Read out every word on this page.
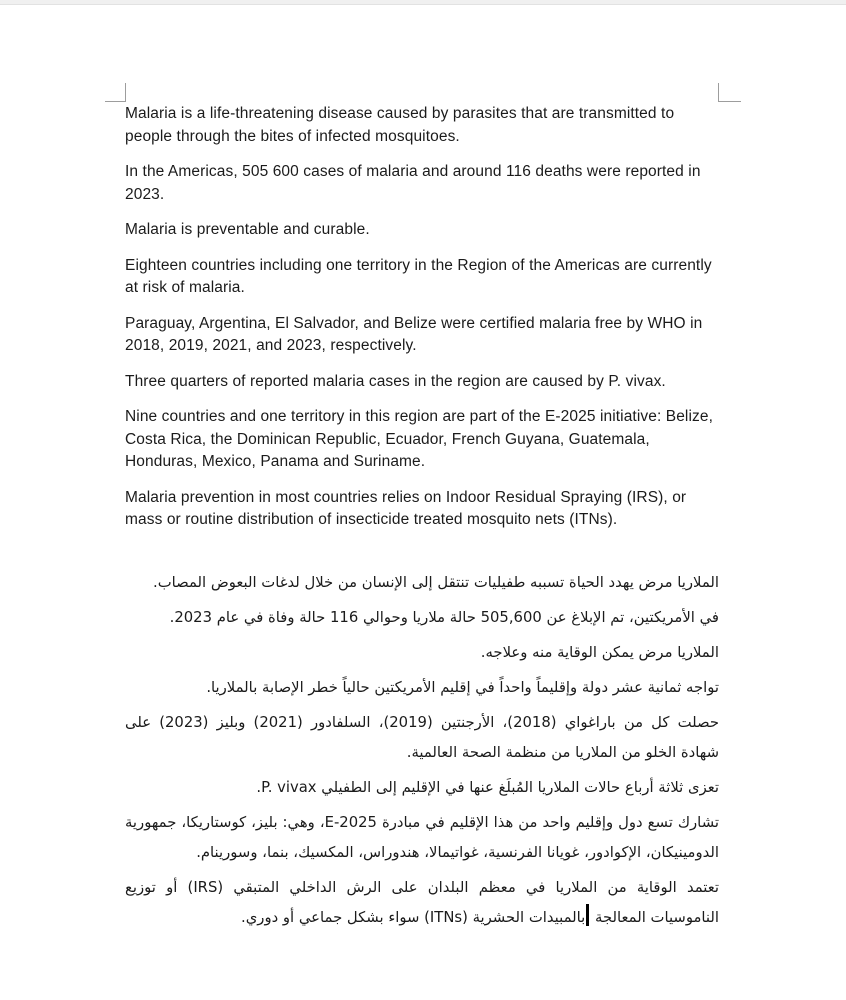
Malaria is a life-threatening disease caused by parasites that are transmitted to people through the bites of infected mosquitoes.

In the Americas, 505 600 cases of malaria and around 116 deaths were reported in 2023.

Malaria is preventable and curable.

Eighteen countries including one territory in the Region of the Americas are currently at risk of malaria.

Paraguay, Argentina, El Salvador, and Belize were certified malaria free by WHO in 2018, 2019, 2021, and 2023, respectively.

Three quarters of reported malaria cases in the region are caused by P. vivax.

Nine countries and one territory in this region are part of the E-2025 initiative: Belize, Costa Rica, the Dominican Republic, Ecuador, French Guyana, Guatemala, Honduras, Mexico, Panama and Suriname.

Malaria prevention in most countries relies on Indoor Residual Spraying (IRS), or mass or routine distribution of insecticide treated mosquito nets (ITNs).

الملاريا مرض يهدد الحياة تسببه طفيليات تنتقل إلى الإنسان من خلال لدغات البعوض المصاب.

في الأمريكتين، تم الإبلاغ عن 505,600 حالة ملاريا وحوالي 116 حالة وفاة في عام 2023.

الملاريا مرض يمكن الوقاية منه وعلاجه.

تواجه ثمانية عشر دولة وإقليماً واحداً في إقليم الأمريكتين حالياً خطر الإصابة بالملاريا.

حصلت كل من باراغواي (2018)، الأرجنتين (2019)، السلفادور (2021) وبليز (2023) على شهادة الخلو من الملاريا من منظمة الصحة العالمية.

تعزى ثلاثة أرباع حالات الملاريا المُبلَغ عنها في الإقليم إلى الطفيلي P. vivax.

تشارك تسع دول وإقليم واحد من هذا الإقليم في مبادرة E-2025، وهي: بليز، كوستاريكا، جمهورية الدومينيكان، الإكوادور، غويانا الفرنسية، غواتيمالا، هندوراس، المكسيك، بنما، وسورينام.

تعتمد الوقاية من الملاريا في معظم البلدان على الرش الداخلي المتبقي (IRS) أو توزيع الناموسيات المعالجة بالمبيدات الحشرية (ITNs) سواء بشكل جماعي أو دوري.
